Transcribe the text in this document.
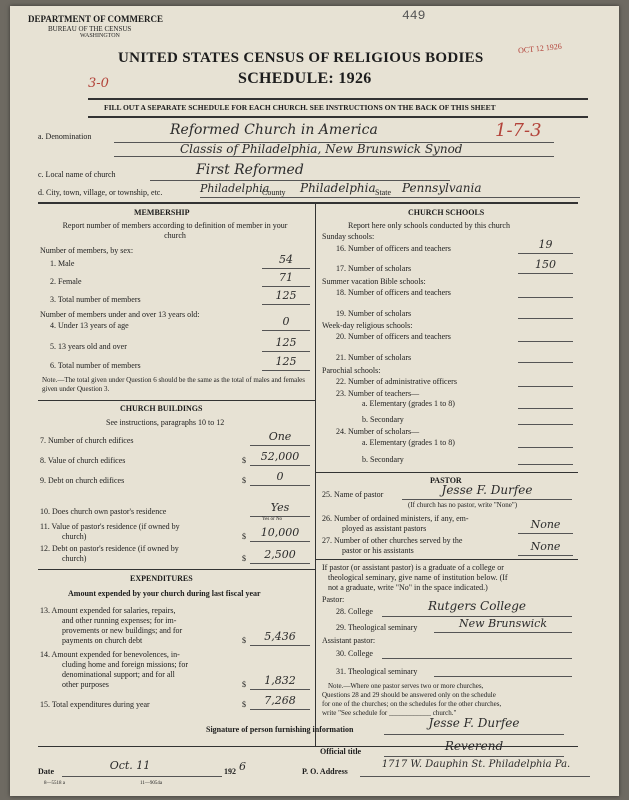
DEPARTMENT OF COMMERCE
BUREAU OF THE CENSUS
WASHINGTON
449
OCT 12 1926
UNITED STATES CENSUS OF RELIGIOUS BODIES
SCHEDULE: 1926
3-0
FILL OUT A SEPARATE SCHEDULE FOR EACH CHURCH. SEE INSTRUCTIONS ON THE BACK OF THIS SHEET
a. Denomination	Reformed Church in America	1-7-3
Classis of Philadelphia, New Brunswick Synod
c. Local name of church	First Reformed
d. City, town, village, or township, etc.	Philadelphia
County Philadelphia State Pennsylvania
MEMBERSHIP
Report number of members according to definition of member in your church
Number of members, by sex:
1. Male	54
2. Female	71
3. Total number of members	125
Number of members under and over 13 years old:
4. Under 13 years of age	0
5. 13 years old and over	125
6. Total number of members	125
Note.—The total given under Question 6 should be the same as the total of males and females given under Question 3.
CHURCH BUILDINGS
See instructions, paragraphs 10 to 12
7. Number of church edifices	One
8. Value of church edifices	$	52,000
9. Debt on church edifices	$	0
10. Does church own pastor's residence	Yes
Yes or No
11. Value of pastor's residence (if owned by
church)	$	10,000
12. Debt on pastor's residence (if owned by
church)	$	2,500
EXPENDITURES
Amount expended by your church during last fiscal year
13. Amount expended for salaries, repairs,
and other running expenses; for im-
provements or new buildings; and for
payments on church debt	$	5,436
14. Amount expended for benevolences, in-
cluding home and foreign missions; for
denominational support; and for all
other purposes	$	1,832
15. Total expenditures during year	$	7,268
CHURCH SCHOOLS
Report here only schools conducted by this church
Sunday schools:
16. Number of officers and teachers	19
17. Number of scholars	150
Summer vacation Bible schools:
18. Number of officers and teachers
19. Number of scholars
Week-day religious schools:
20. Number of officers and teachers
21. Number of scholars
Parochial schools:
22. Number of administrative officers
23. Number of teachers—
a. Elementary (grades 1 to 8)
b. Secondary
24. Number of scholars—
a. Elementary (grades 1 to 8)
b. Secondary
PASTOR
25. Name of pastor	Jesse F. Durfee
(If church has no pastor, write "None")
26. Number of ordained ministers, if any, em-
ployed as assistant pastors	None
27. Number of other churches served by the
pastor or his assistants	None
If pastor (or assistant pastor) is a graduate of a college or
theological seminary, give name of institution below. (If
not a graduate, write "No" in the space indicated.)
Pastor:
28. College	Rutgers College
29. Theological seminary	New Brunswick
Assistant pastor:
30. College
31. Theological seminary
Note.—Where one pastor serves two or more churches,
Questions 28 and 29 should be answered only on the schedule
for one of the churches; on the schedules for the other churches,
write "See schedule for ____________ church."
Signature of person furnishing information	Jesse F. Durfee
Official title	Reverend
Date	Oct. 11	192 6	P. O. Address
1717 W. Dauphin St. Philadelphia Pa.
8—5518 a	11—9054a
